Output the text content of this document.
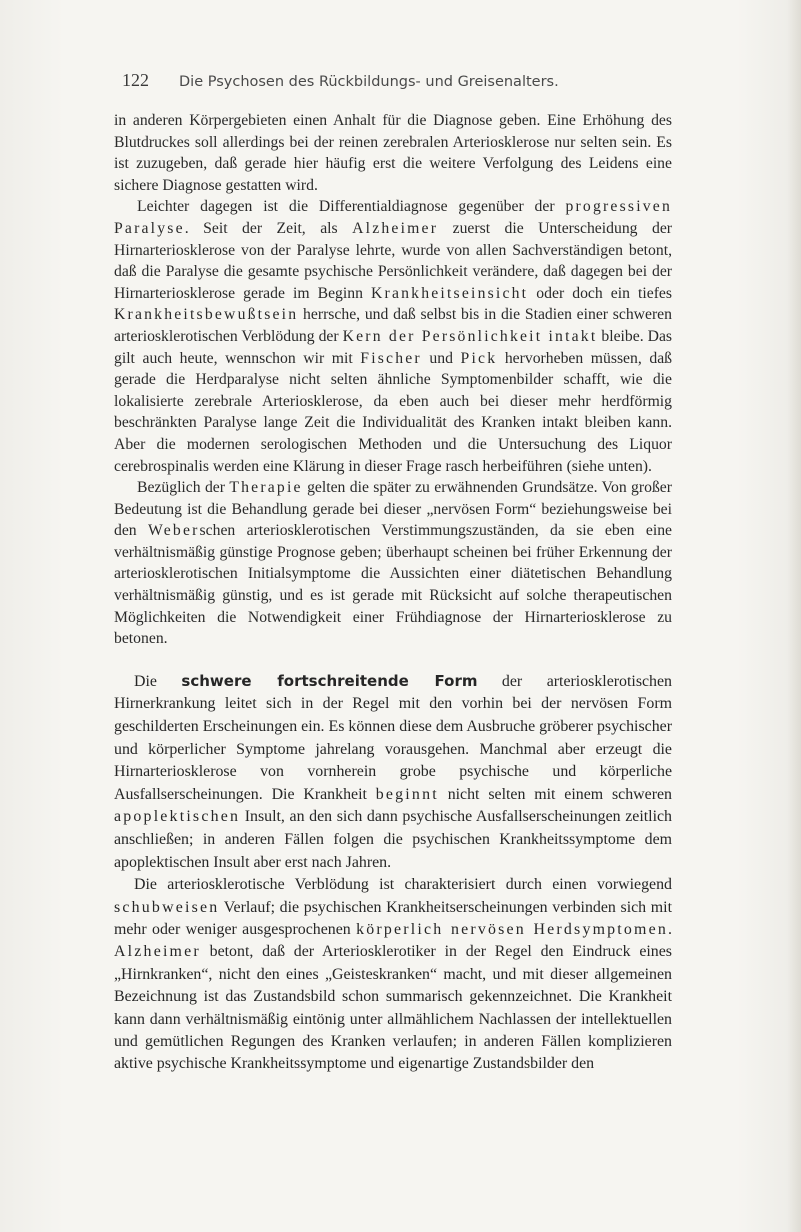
122 Die Psychosen des Rückbildungs- und Greisenalters.

in anderen Körpergebieten einen Anhalt für die Diagnose geben. Eine Erhöhung des Blutdruckes soll allerdings bei der reinen zerebralen Arteriosklerose nur selten sein. Es ist zuzugeben, daß gerade hier häufig erst die weitere Verfolgung des Leidens eine sichere Diagnose gestatten wird.

Leichter dagegen ist die Differentialdiagnose gegenüber der progressiven Paralyse. Seit der Zeit, als Alzheimer zuerst die Unterscheidung der Hirnarteriosklerose von der Paralyse lehrte, wurde von allen Sachverständigen betont, daß die Paralyse die gesamte psychische Persönlichkeit verändere, daß dagegen bei der Hirnarteriosklerose gerade im Beginn Krankheitseinsicht oder doch ein tiefes Krankheitsbewußtsein herrsche, und daß selbst bis in die Stadien einer schweren arteriosklerotischen Verblödung der Kern der Persönlichkeit intakt bleibe. Das gilt auch heute, wennschon wir mit Fischer und Pick hervorheben müssen, daß gerade die Herdparalyse nicht selten ähnliche Symptomenbilder schafft, wie die lokalisierte zerebrale Arteriosklerose, da eben auch bei dieser mehr herdförmig beschränkten Paralyse lange Zeit die Individualität des Kranken intakt bleiben kann. Aber die modernen serologischen Methoden und die Untersuchung des Liquor cerebrospinalis werden eine Klärung in dieser Frage rasch herbeiführen (siehe unten).

Bezüglich der Therapie gelten die später zu erwähnenden Grundsätze. Von großer Bedeutung ist die Behandlung gerade bei dieser „nervösen Form“ beziehungsweise bei den Weberschen arteriosklerotischen Verstimmungszuständen, da sie eben eine verhältnismäßig günstige Prognose geben; überhaupt scheinen bei früher Erkennung der arteriosklerotischen Initialsymptome die Aussichten einer diätetischen Behandlung verhältnismäßig günstig, und es ist gerade mit Rücksicht auf solche therapeutischen Möglichkeiten die Notwendigkeit einer Frühdiagnose der Hirnarteriosklerose zu betonen.

Die schwere fortschreitende Form der arteriosklerotischen Hirnerkrankung leitet sich in der Regel mit den vorhin bei der nervösen Form geschilderten Erscheinungen ein. Es können diese dem Ausbruche gröberer psychischer und körperlicher Symptome jahrelang vorausgehen. Manchmal aber erzeugt die Hirnarteriosklerose von vornherein grobe psychische und körperliche Ausfallserscheinungen. Die Krankheit beginnt nicht selten mit einem schweren apoplektischen Insult, an den sich dann psychische Ausfallserscheinungen zeitlich anschließen; in anderen Fällen folgen die psychischen Krankheitssymptome dem apoplektischen Insult aber erst nach Jahren.

Die arteriosklerotische Verblödung ist charakterisiert durch einen vorwiegend schubweisen Verlauf; die psychischen Krankheitserscheinungen verbinden sich mit mehr oder weniger ausgesprochenen körperlich nervösen Herdsymptomen. Alzheimer betont, daß der Arteriosklerotiker in der Regel den Eindruck eines „Hirnkranken“, nicht den eines „Geisteskranken“ macht, und mit dieser allgemeinen Bezeichnung ist das Zustandsbild schon summarisch gekennzeichnet. Die Krankheit kann dann verhältnismäßig eintönig unter allmählichem Nachlassen der intellektuellen und gemütlichen Regungen des Kranken verlaufen; in anderen Fällen komplizieren aktive psychische Krankheitssymptome und eigenartige Zustandsbilder den
